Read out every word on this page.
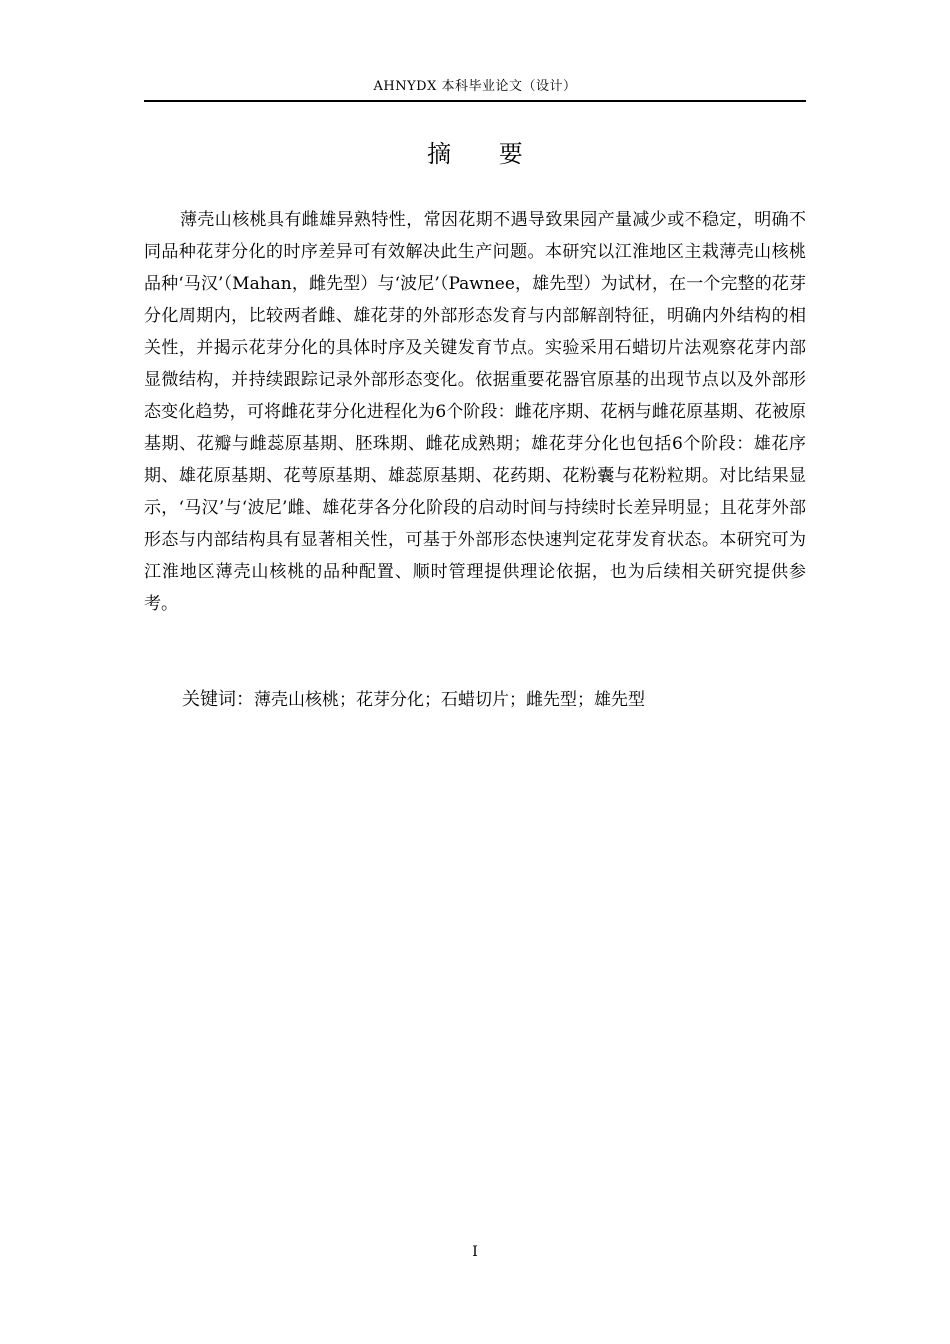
AHNYDX 本科毕业论文（设计）
摘 要

薄壳山核桃具有雌雄异熟特性，常因花期不遇导致果园产量减少或不稳定，明确不同品种花芽分化的时序差异可有效解决此生产问题。本研究以江淮地区主栽薄壳山核桃品种‘马汉’（Mahan，雌先型）与‘波尼’（Pawnee，雄先型）为试材，在一个完整的花芽分化周期内，比较两者雌、雄花芽的外部形态发育与内部解剖特征，明确内外结构的相关性，并揭示花芽分化的具体时序及关键发育节点。实验采用石蜡切片法观察花芽内部显微结构，并持续跟踪记录外部形态变化。依据重要花器官原基的出现节点以及外部形态变化趋势，可将雌花芽分化进程化为6个阶段：雌花序期、花柄与雌花原基期、花被原基期、花瓣与雌蕊原基期、胚珠期、雌花成熟期；雄花芽分化也包括6个阶段：雄花序期、雄花原基期、花萼原基期、雄蕊原基期、花药期、花粉囊与花粉粒期。对比结果显示，‘马汉’与‘波尼’雌、雄花芽各分化阶段的启动时间与持续时长差异明显；且花芽外部形态与内部结构具有显著相关性，可基于外部形态快速判定花芽发育状态。本研究可为江淮地区薄壳山核桃的品种配置、顺时管理提供理论依据，也为后续相关研究提供参考。

关键词：薄壳山核桃；花芽分化；石蜡切片；雌先型；雄先型
I
